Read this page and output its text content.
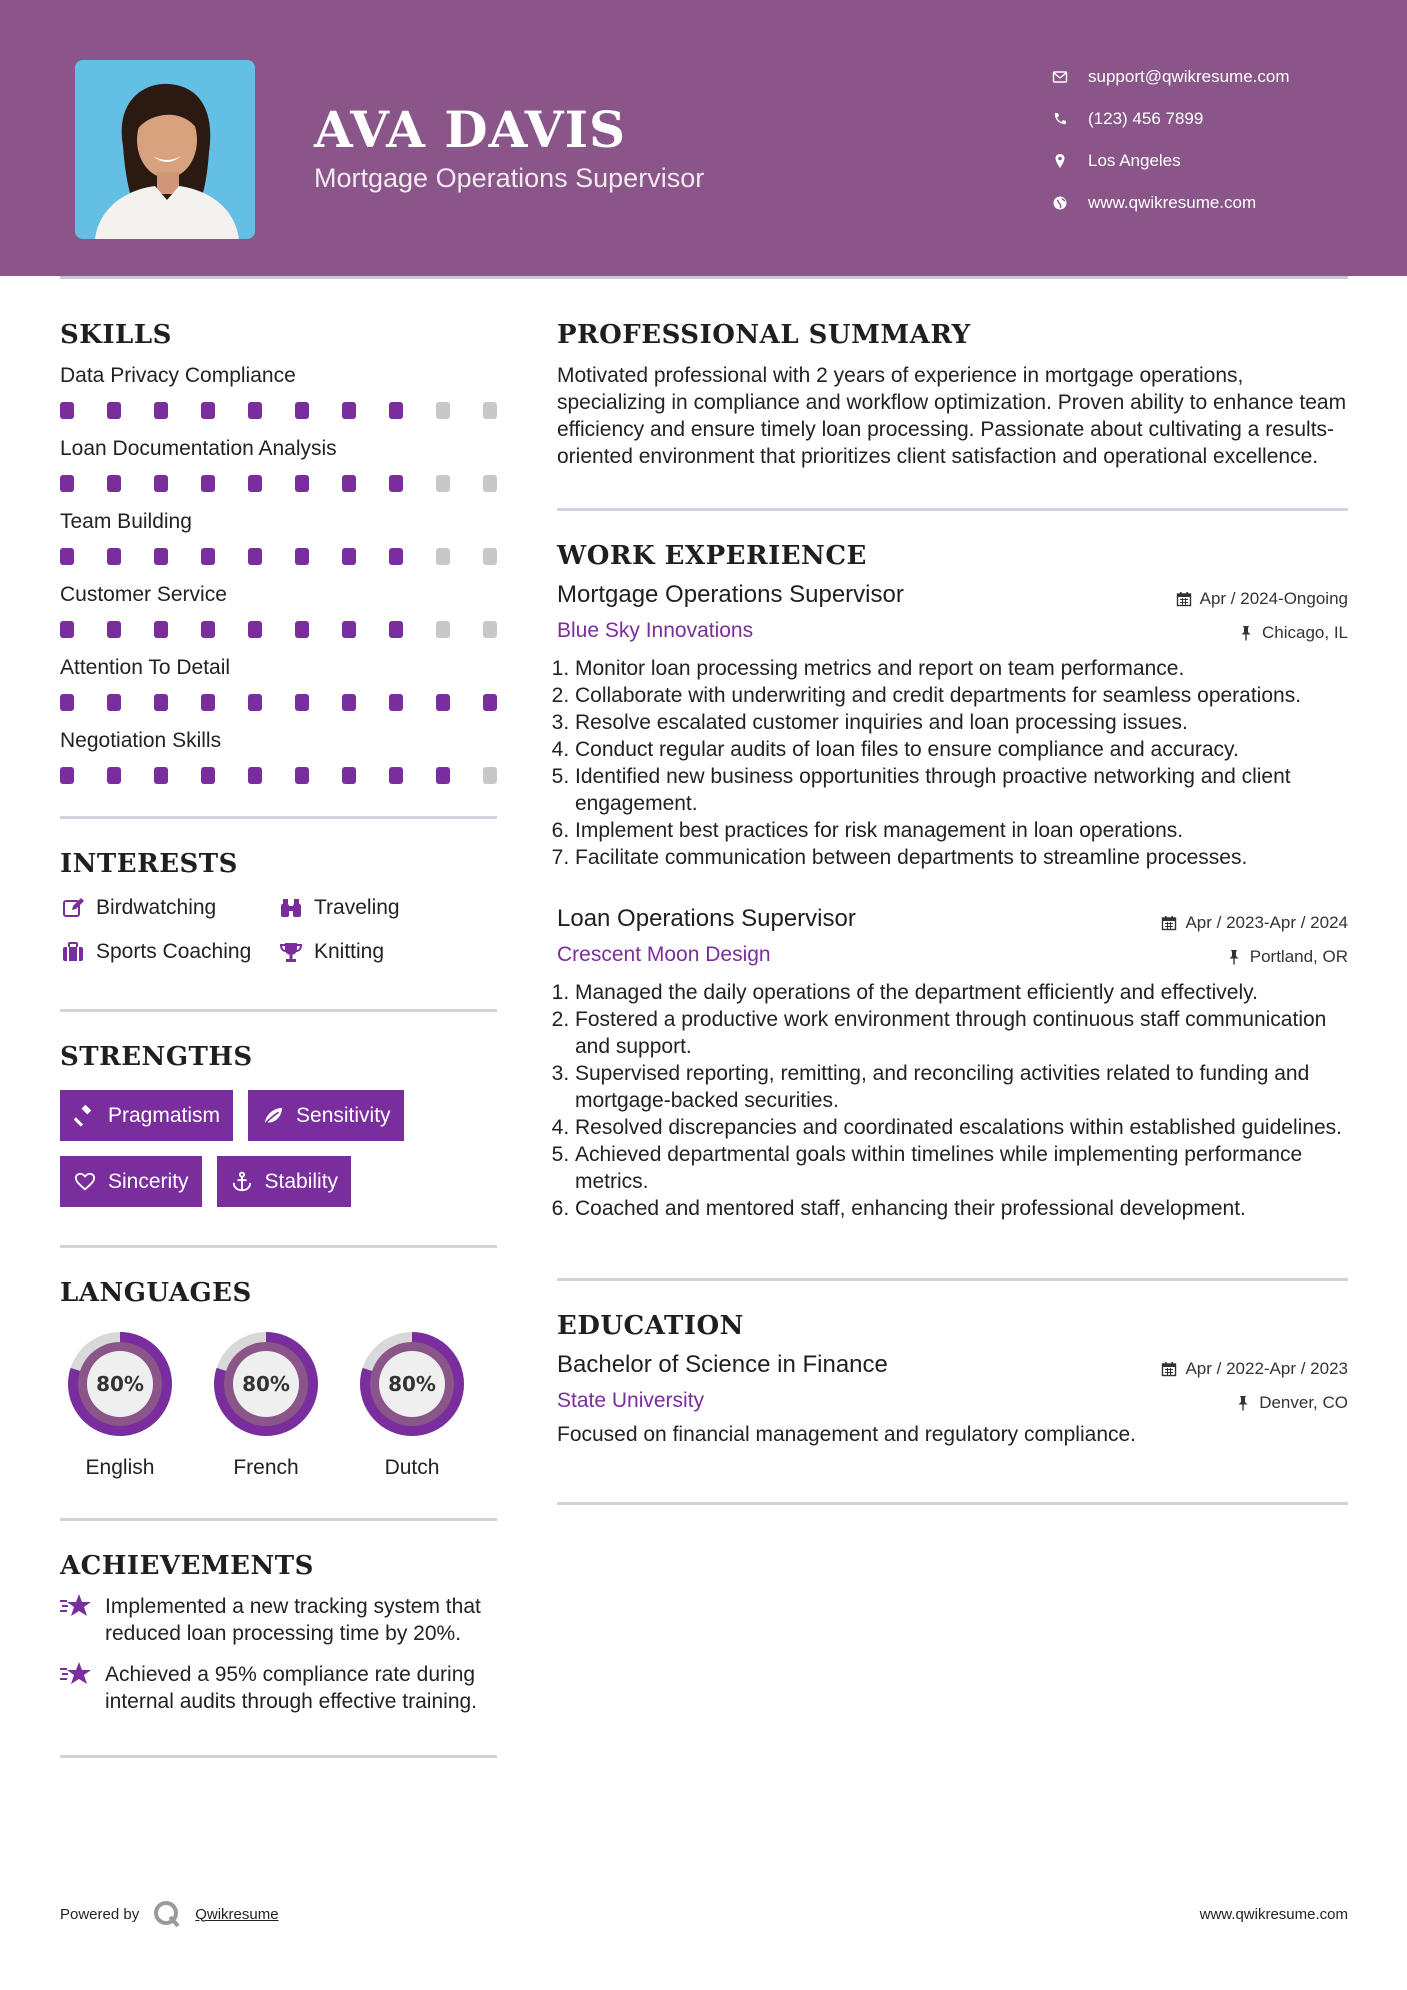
AVA DAVIS
Mortgage Operations Supervisor
support@qwikresume.com
(123) 456 7899
Los Angeles
www.qwikresume.com
SKILLS
Data Privacy Compliance
Loan Documentation Analysis
Team Building
Customer Service
Attention To Detail
Negotiation Skills
INTERESTS
Birdwatching	Traveling
Sports Coaching	Knitting
STRENGTHS
Pragmatism	Sensitivity
Sincerity	Stability
LANGUAGES
80%
English
80%
French
80%
Dutch
ACHIEVEMENTS
Implemented a new tracking system that reduced loan processing time by 20%.
Achieved a 95% compliance rate during internal audits through effective training.
PROFESSIONAL SUMMARY
Motivated professional with 2 years of experience in mortgage operations, specializing in compliance and workflow optimization. Proven ability to enhance team efficiency and ensure timely loan processing. Passionate about cultivating a results-oriented environment that prioritizes client satisfaction and operational excellence.
WORK EXPERIENCE
Mortgage Operations Supervisor	Apr / 2024-Ongoing
Blue Sky Innovations	Chicago, IL
1. Monitor loan processing metrics and report on team performance.
2. Collaborate with underwriting and credit departments for seamless operations.
3. Resolve escalated customer inquiries and loan processing issues.
4. Conduct regular audits of loan files to ensure compliance and accuracy.
5. Identified new business opportunities through proactive networking and client engagement.
6. Implement best practices for risk management in loan operations.
7. Facilitate communication between departments to streamline processes.
Loan Operations Supervisor	Apr / 2023-Apr / 2024
Crescent Moon Design	Portland, OR
1. Managed the daily operations of the department efficiently and effectively.
2. Fostered a productive work environment through continuous staff communication and support.
3. Supervised reporting, remitting, and reconciling activities related to funding and mortgage-backed securities.
4. Resolved discrepancies and coordinated escalations within established guidelines.
5. Achieved departmental goals within timelines while implementing performance metrics.
6. Coached and mentored staff, enhancing their professional development.
EDUCATION
Bachelor of Science in Finance	Apr / 2022-Apr / 2023
State University	Denver, CO
Focused on financial management and regulatory compliance.
Powered by	Qwikresume	www.qwikresume.com
